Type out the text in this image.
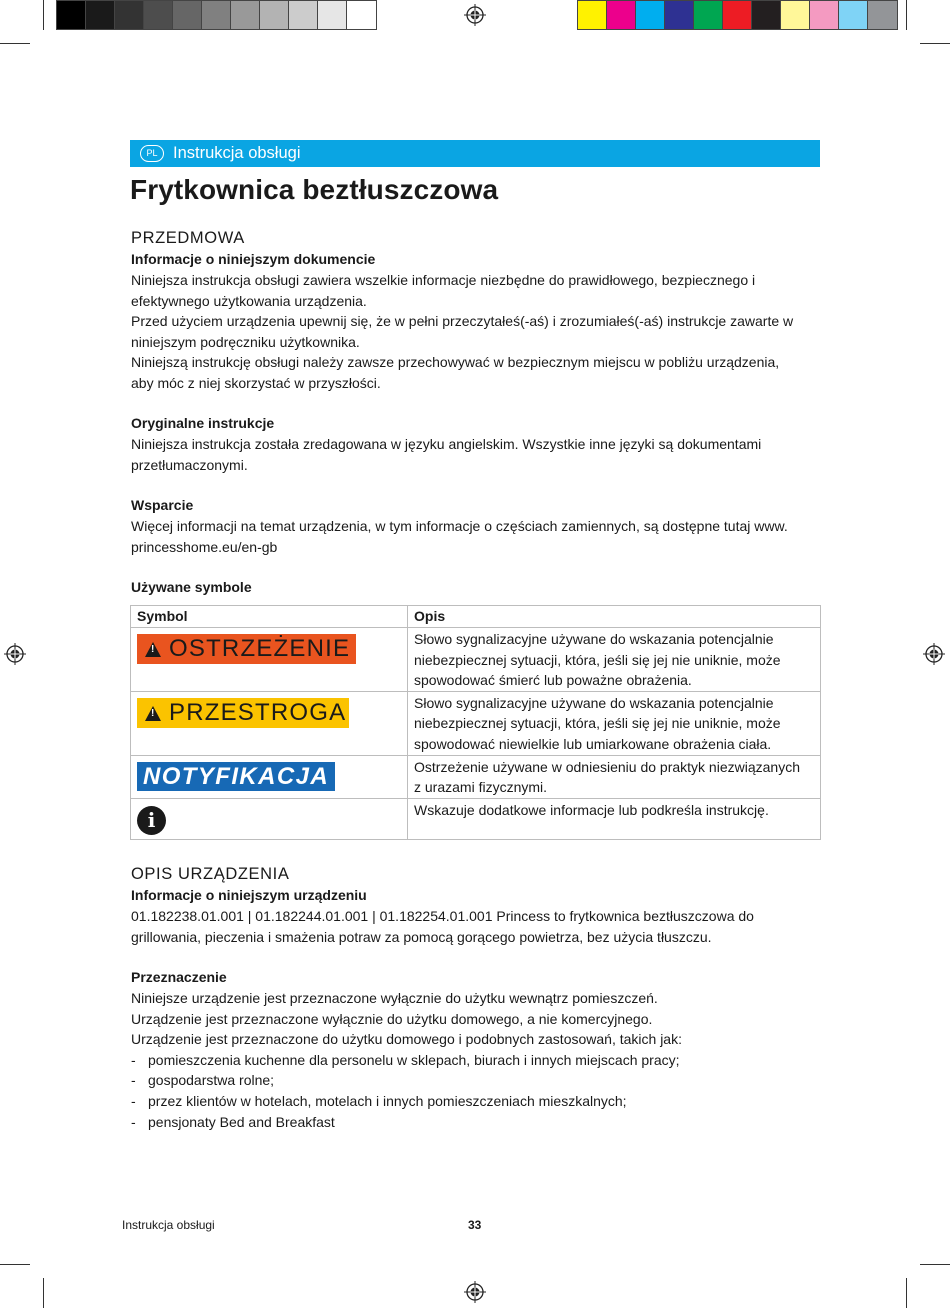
PL Instrukcja obsługi
Frytkownica beztłuszczowa
PRZEDMOWA
Informacje o niniejszym dokumencie
Niniejsza instrukcja obsługi zawiera wszelkie informacje niezbędne do prawidłowego, bezpiecznego i
efektywnego użytkowania urządzenia.
Przed użyciem urządzenia upewnij się, że w pełni przeczytałeś(-aś) i zrozumiałeś(-aś) instrukcje zawarte w
niniejszym podręczniku użytkownika.
Niniejszą instrukcję obsługi należy zawsze przechowywać w bezpiecznym miejscu w pobliżu urządzenia,
aby móc z niej skorzystać w przyszłości.
Oryginalne instrukcje
Niniejsza instrukcja została zredagowana w języku angielskim. Wszystkie inne języki są dokumentami
przetłumaczonymi.
Wsparcie
Więcej informacji na temat urządzenia, w tym informacje o częściach zamiennych, są dostępne tutaj www.
princesshome.eu/en-gb
Używane symbole
Symbol	Opis

!OSTRZEŻENIE	Słowo sygnalizacyjne używane do wskazania potencjalnie
niebezpiecznej sytuacji, która, jeśli się jej nie uniknie, może
spowodować śmierć lub poważne obrażenia.

!PRZESTROGA	Słowo sygnalizacyjne używane do wskazania potencjalnie
niebezpiecznej sytuacji, która, jeśli się jej nie uniknie, może
spowodować niewielkie lub umiarkowane obrażenia ciała.

NOTYFIKACJA	Ostrzeżenie używane w odniesieniu do praktyk niezwiązanych
z urazami fizycznymi.

i	Wskazuje dodatkowe informacje lub podkreśla instrukcję.
OPIS URZĄDZENIA
Informacje o niniejszym urządzeniu
01.182238.01.001 | 01.182244.01.001 | 01.182254.01.001 Princess to frytkownica beztłuszczowa do
grillowania, pieczenia i smażenia potraw za pomocą gorącego powietrza, bez użycia tłuszczu.
Przeznaczenie
Niniejsze urządzenie jest przeznaczone wyłącznie do użytku wewnątrz pomieszczeń.
Urządzenie jest przeznaczone wyłącznie do użytku domowego, a nie komercyjnego.
Urządzenie jest przeznaczone do użytku domowego i podobnych zastosowań, takich jak:
- pomieszczenia kuchenne dla personelu w sklepach, biurach i innych miejscach pracy;
- gospodarstwa rolne;
- przez klientów w hotelach, motelach i innych pomieszczeniach mieszkalnych;
- pensjonaty Bed and Breakfast
Instrukcja obsługi	33
